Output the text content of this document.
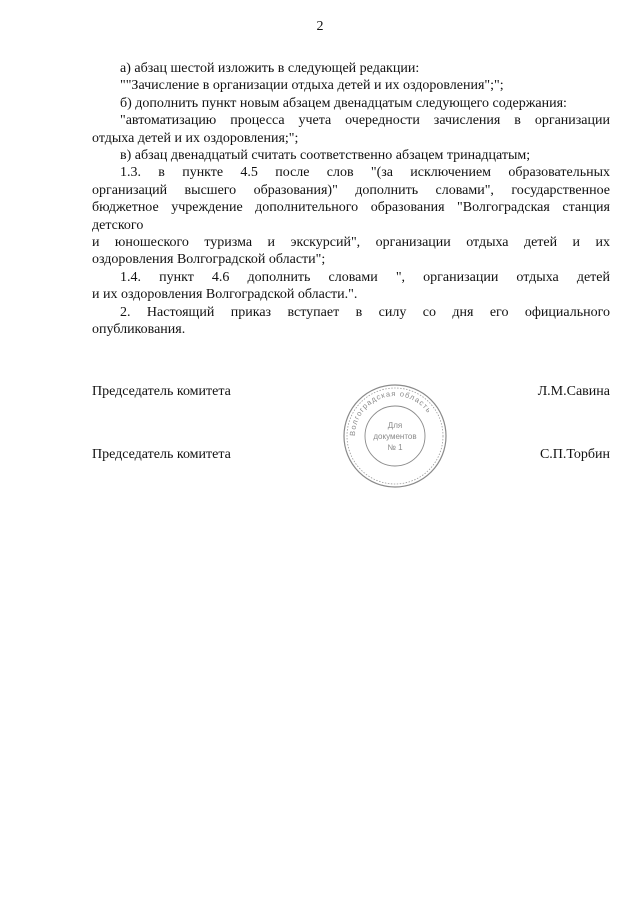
2

а) абзац шестой изложить в следующей редакции:

""Зачисление в организации отдыха детей и их оздоровления";";

б) дополнить пункт новым абзацем двенадцатым следующего содержания:

"автоматизацию процесса учета очередности зачисления в организации

отдыха детей и их оздоровления;";

в) абзац двенадцатый считать соответственно абзацем тринадцатым;

1.3. в пункте 4.5 после слов "(за исключением образовательных

организаций высшего образования)" дополнить словами", государственное

бюджетное учреждение дополнительного образования "Волгоградская станция

детского

и юношеского туризма и экскурсий", организации отдыха детей и их

оздоровления Волгоградской области";

1.4. пункт 4.6 дополнить словами ", организации отдыха детей

и их оздоровления Волгоградской области.".

2. Настоящий приказ вступает в силу со дня его официального

опубликования.

Председатель комитета	Л.М.Савина
Председатель комитета	С.П.Торбин
Волгоградская область
Для
документов
№ 1
